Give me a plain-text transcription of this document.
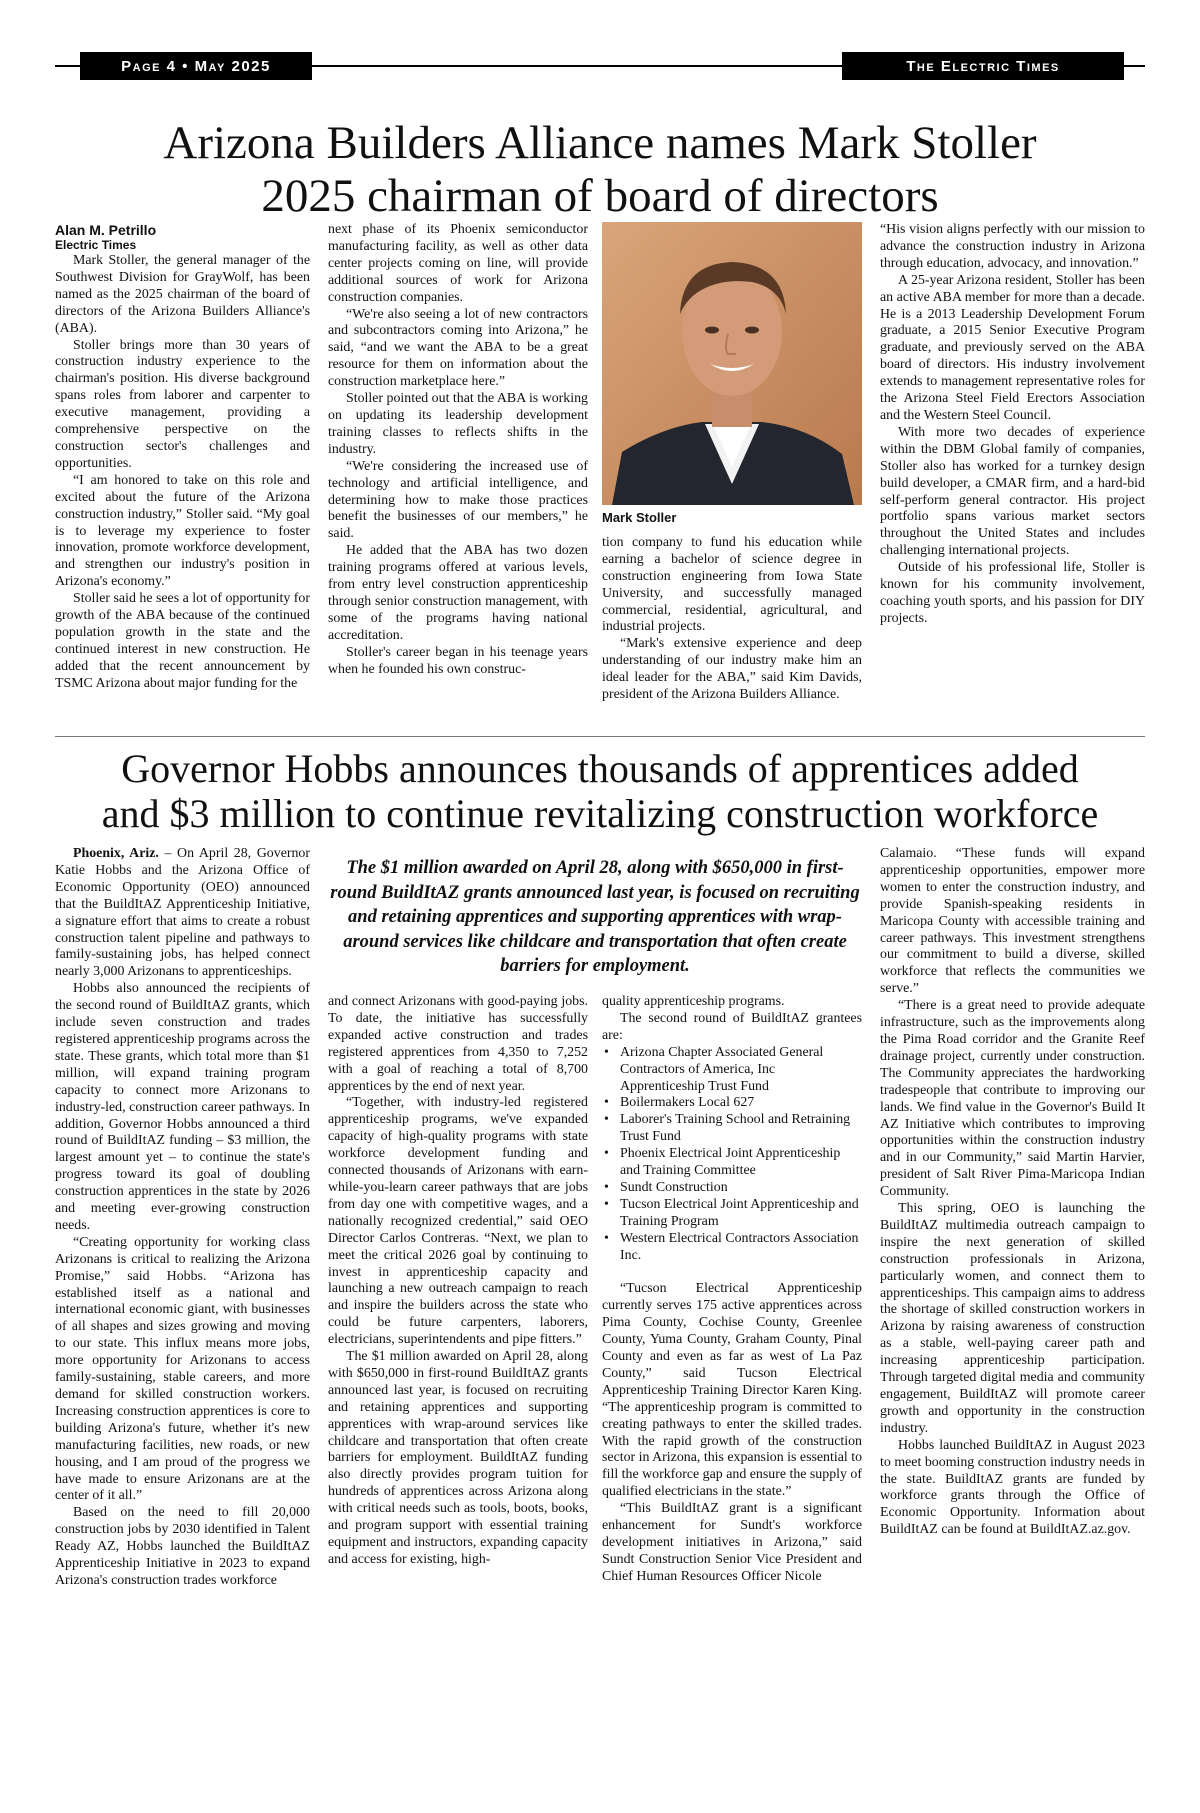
Page 4 • May 2025	The Electric Times
Arizona Builders Alliance names Mark Stoller
2025 chairman of board of directors
Alan M. Petrillo
Electric Times

Mark Stoller, the general manager of the Southwest Division for GrayWolf, has been named as the 2025 chairman of the board of directors of the Arizona Builders Alliance's (ABA).

Stoller brings more than 30 years of construction industry experience to the chairman's position. His diverse background spans roles from laborer and carpenter to executive management, providing a comprehensive perspective on the construction sector's challenges and opportunities.

“I am honored to take on this role and excited about the future of the Arizona construction industry,” Stoller said. “My goal is to leverage my experience to foster innovation, promote workforce development, and strengthen our industry's position in Arizona's economy.”

Stoller said he sees a lot of opportunity for growth of the ABA because of the continued population growth in the state and the continued interest in new construction. He added that the recent announcement by TSMC Arizona about major funding for the

next phase of its Phoenix semiconductor manufacturing facility, as well as other data center projects coming on line, will provide additional sources of work for Arizona construction companies.

“We're also seeing a lot of new contractors and subcontractors coming into Arizona,” he said, “and we want the ABA to be a great resource for them on information about the construction marketplace here.”

Stoller pointed out that the ABA is working on updating its leadership development training classes to reflects shifts in the industry.

“We're considering the increased use of technology and artificial intelligence, and determining how to make those practices benefit the businesses of our members,” he said.

He added that the ABA has two dozen training programs offered at various levels, from entry level construction apprenticeship through senior construction management, with some of the programs having national accreditation.

Stoller's career began in his teenage years when he founded his own construc-

Mark Stoller

tion company to fund his education while earning a bachelor of science degree in construction engineering from Iowa State University, and successfully managed commercial, residential, agricultural, and industrial projects.

“Mark's extensive experience and deep understanding of our industry make him an ideal leader for the ABA,” said Kim Davids, president of the Arizona Builders Alliance.

“His vision aligns perfectly with our mission to advance the construction industry in Arizona through education, advocacy, and innovation.”

A 25-year Arizona resident, Stoller has been an active ABA member for more than a decade. He is a 2013 Leadership Development Forum graduate, a 2015 Senior Executive Program graduate, and previously served on the ABA board of directors. His industry involvement extends to management representative roles for the Arizona Steel Field Erectors Association and the Western Steel Council.

With more two decades of experience within the DBM Global family of companies, Stoller also has worked for a turnkey design build developer, a CMAR firm, and a hard-bid self-perform general contractor. His project portfolio spans various market sectors throughout the United States and includes challenging international projects.

Outside of his professional life, Stoller is known for his community involvement, coaching youth sports, and his passion for DIY projects.

Governor Hobbs announces thousands of apprentices added
and $3 million to continue revitalizing construction workforce

Phoenix, Ariz. – On April 28, Governor Katie Hobbs and the Arizona Office of Economic Opportunity (OEO) announced that the BuildItAZ Apprenticeship Initiative, a signature effort that aims to create a robust construction talent pipeline and pathways to family-sustaining jobs, has helped connect nearly 3,000 Arizonans to apprenticeships.

Hobbs also announced the recipients of the second round of BuildItAZ grants, which include seven construction and trades registered apprenticeship programs across the state. These grants, which total more than $1 million, will expand training program capacity to connect more Arizonans to industry-led, construction career pathways. In addition, Governor Hobbs announced a third round of BuildItAZ funding – $3 million, the largest amount yet – to continue the state's progress toward its goal of doubling construction apprentices in the state by 2026 and meeting ever-growing construction needs.

“Creating opportunity for working class Arizonans is critical to realizing the Arizona Promise,” said Hobbs. “Arizona has established itself as a national and international economic giant, with businesses of all shapes and sizes growing and moving to our state. This influx means more jobs, more opportunity for Arizonans to access family-sustaining, stable careers, and more demand for skilled construction workers. Increasing construction apprentices is core to building Arizona's future, whether it's new manufacturing facilities, new roads, or new housing, and I am proud of the progress we have made to ensure Arizonans are at the center of it all.”

Based on the need to fill 20,000 construction jobs by 2030 identified in Talent Ready AZ, Hobbs launched the BuildItAZ Apprenticeship Initiative in 2023 to expand Arizona's construction trades workforce

The $1 million awarded on April 28, along with $650,000 in first-round BuildItAZ grants announced last year, is focused on recruiting and retaining apprentices and supporting apprentices with wrap-around services like childcare and transportation that often create barriers for employment.

and connect Arizonans with good-paying jobs. To date, the initiative has successfully expanded active construction and trades registered apprentices from 4,350 to 7,252 with a goal of reaching a total of 8,700 apprentices by the end of next year.

“Together, with industry-led registered apprenticeship programs, we've expanded capacity of high-quality programs with state workforce development funding and connected thousands of Arizonans with earn-while-you-learn career pathways that are jobs from day one with competitive wages, and a nationally recognized credential,” said OEO Director Carlos Contreras. “Next, we plan to meet the critical 2026 goal by continuing to invest in apprenticeship capacity and launching a new outreach campaign to reach and inspire the builders across the state who could be future carpenters, laborers, electricians, superintendents and pipe fitters.”

The $1 million awarded on April 28, along with $650,000 in first-round BuildItAZ grants announced last year, is focused on recruiting and retaining apprentices and supporting apprentices with wrap-around services like childcare and transportation that often create barriers for employment. BuildItAZ funding also directly provides program tuition for hundreds of apprentices across Arizona along with critical needs such as tools, boots, books, and program support with essential training equipment and instructors, expanding capacity and access for existing, high-

quality apprenticeship programs.

The second round of BuildItAZ grantees are:

• Arizona Chapter Associated General Contractors of America, Inc Apprenticeship Trust Fund
• Boilermakers Local 627
• Laborer's Training School and Retraining Trust Fund
• Phoenix Electrical Joint Apprenticeship and Training Committee
• Sundt Construction
• Tucson Electrical Joint Apprenticeship and Training Program
• Western Electrical Contractors Association Inc.

“Tucson Electrical Apprenticeship currently serves 175 active apprentices across Pima County, Cochise County, Greenlee County, Yuma County, Graham County, Pinal County and even as far as west of La Paz County,” said Tucson Electrical Apprenticeship Training Director Karen King. “The apprenticeship program is committed to creating pathways to enter the skilled trades. With the rapid growth of the construction sector in Arizona, this expansion is essential to fill the workforce gap and ensure the supply of qualified electricians in the state.”

“This BuildItAZ grant is a significant enhancement for Sundt's workforce development initiatives in Arizona,” said Sundt Construction Senior Vice President and Chief Human Resources Officer Nicole

Calamaio. “These funds will expand apprenticeship opportunities, empower more women to enter the construction industry, and provide Spanish-speaking residents in Maricopa County with accessible training and career pathways. This investment strengthens our commitment to build a diverse, skilled workforce that reflects the communities we serve.”

“There is a great need to provide adequate infrastructure, such as the improvements along the Pima Road corridor and the Granite Reef drainage project, currently under construction. The Community appreciates the hardworking tradespeople that contribute to improving our lands. We find value in the Governor's Build It AZ Initiative which contributes to improving opportunities within the construction industry and in our Community,” said Martin Harvier, president of Salt River Pima-Maricopa Indian Community.

This spring, OEO is launching the BuildItAZ multimedia outreach campaign to inspire the next generation of skilled construction professionals in Arizona, particularly women, and connect them to apprenticeships. This campaign aims to address the shortage of skilled construction workers in Arizona by raising awareness of construction as a stable, well-paying career path and increasing apprenticeship participation. Through targeted digital media and community engagement, BuildItAZ will promote career growth and opportunity in the construction industry.

Hobbs launched BuildItAZ in August 2023 to meet booming construction industry needs in the state. BuildItAZ grants are funded by workforce grants through the Office of Economic Opportunity. Information about BuildItAZ can be found at BuildItAZ.az.gov.
